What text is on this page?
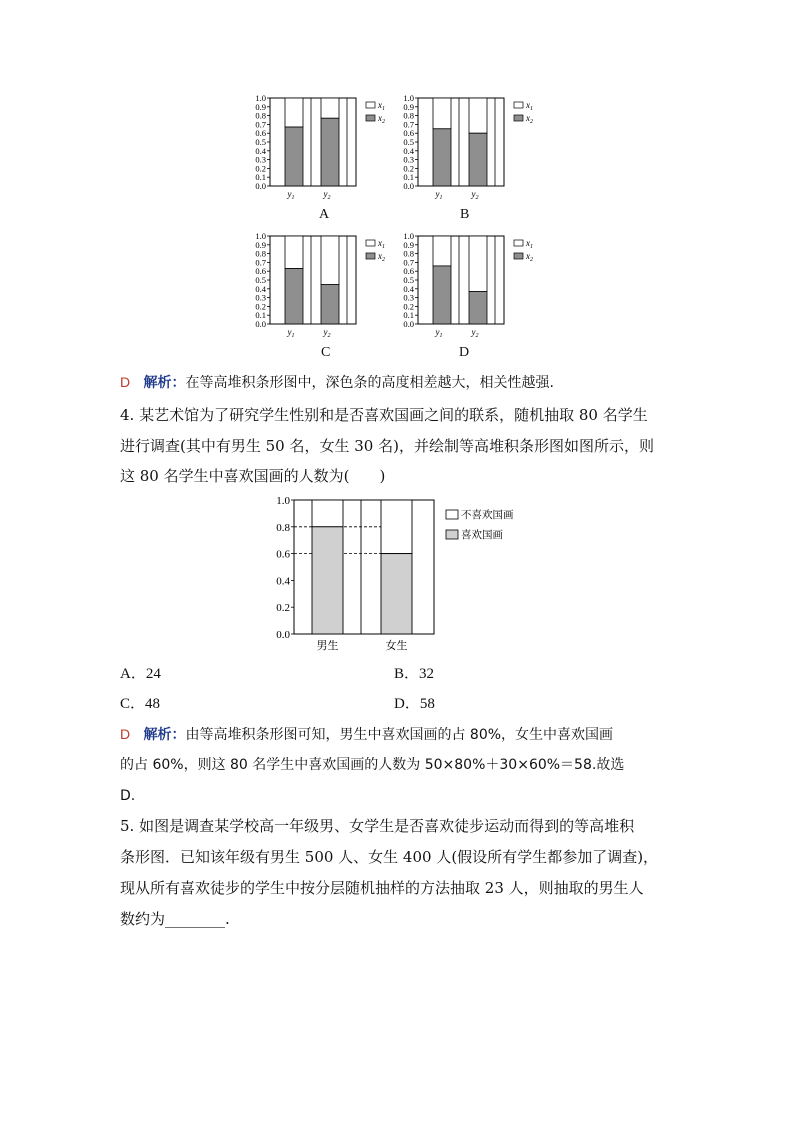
0.0
0.1
0.2
0.3
0.4
0.5
0.6
0.7
0.8
0.9
1.0
$y_1$	$y_2$
$x_1$
$x_2$
A
0.0
0.1
0.2
0.3
0.4
0.5
0.6
0.7
0.8
0.9
1.0
$y_1$	$y_2$
$x_1$
$x_2$
B
0.0
0.1
0.2
0.3
0.4
0.5
0.6
0.7
0.8
0.9
1.0
$y_1$	$y_2$
$x_1$
$x_2$
C
0.0
0.1
0.2
0.3
0.4
0.5
0.6
0.7
0.8
0.9
1.0
$y_1$	$y_2$
$x_1$
$x_2$
D
D 解析：在等高堆积条形图中，深色条的高度相差越大，相关性越强.
4. 某艺术馆为了研究学生性别和是否喜欢国画之间的联系，随机抽取 80 名学生
进行调查(其中有男生 50 名，女生 30 名)，并绘制等高堆积条形图如图所示，则
这 80 名学生中喜欢国画的人数为(　　)
0.0
0.2
0.4
0.6
0.8
1.0
男生	女生
不喜欢国画
喜欢国画
A．24	B．32
C．48	D．58
D 解析：由等高堆积条形图可知，男生中喜欢国画的占 80%，女生中喜欢国画
的占 60%，则这 80 名学生中喜欢国画的人数为 50×80%＋30×60%＝58.故选
D.
5. 如图是调查某学校高一年级男、女学生是否喜欢徒步运动而得到的等高堆积
条形图．已知该年级有男生 500 人、女生 400 人(假设所有学生都参加了调查)，
现从所有喜欢徒步的学生中按分层随机抽样的方法抽取 23 人，则抽取的男生人
数约为________.
